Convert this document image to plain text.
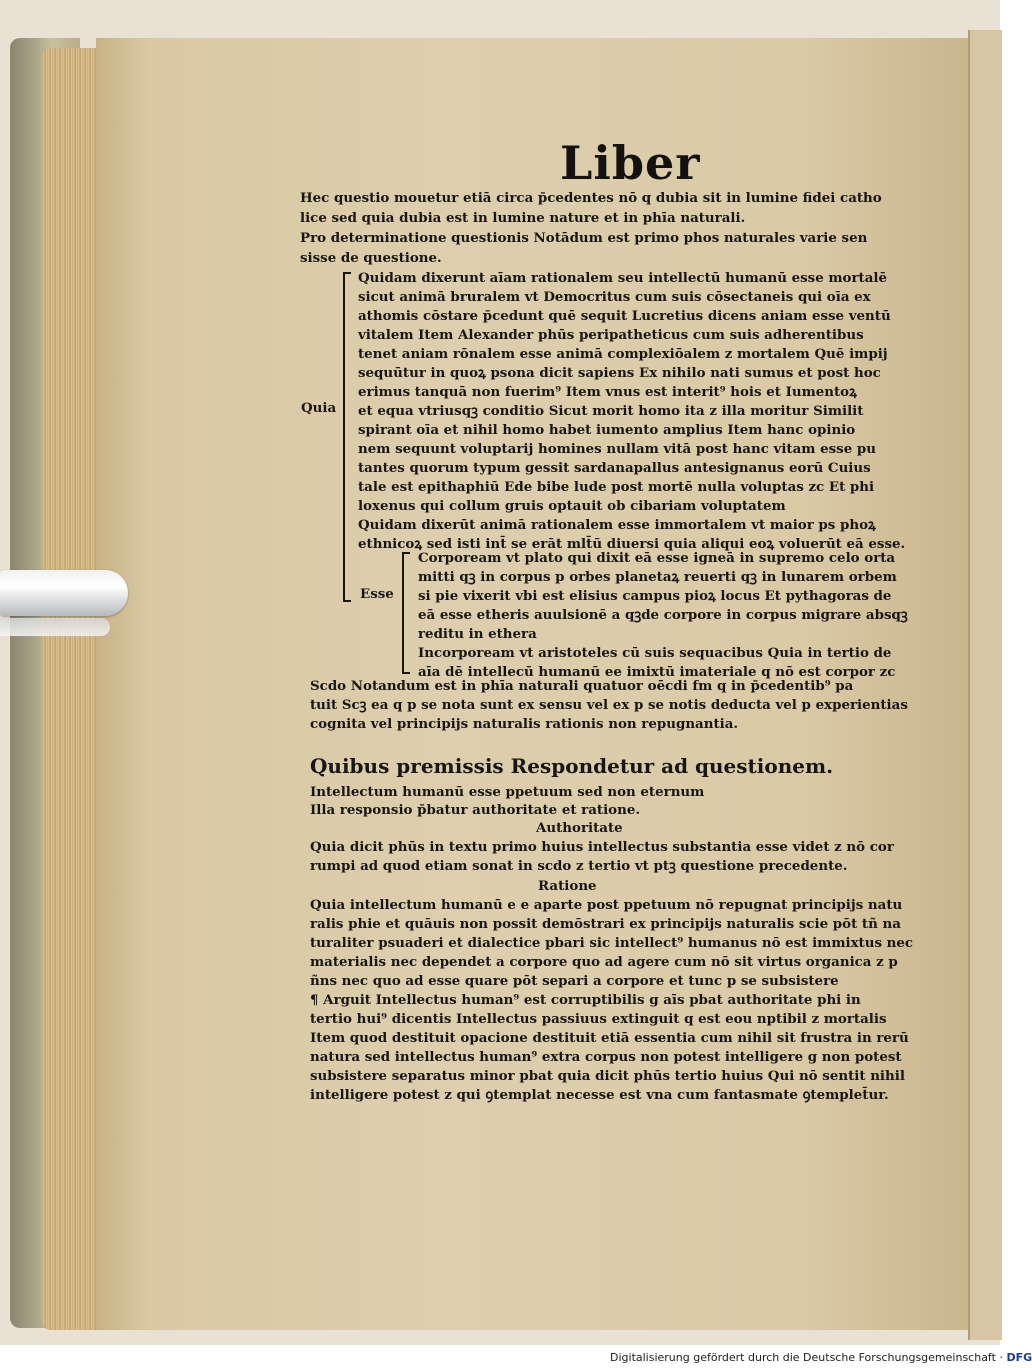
Liber
Hec questio mouetur etiā circa p̄cedentes nō q dubia sit in lumine fidei catho
lice sed quia dubia est in lumine nature et in phīa naturali.
Pro determinatione questionis Notādum est primo phos naturales varie sen
sisse de questione.
Quia
Esse
Quidam dixerunt aīam rationalem seu intellectū humanū esse mortalē
sicut animā bruralem vt Democritus cum suis cōsectaneis qui oīa ex
athomis cōstare p̄cedunt quē sequit Lucretius dicens aniam esse ventū
vitalem Item Alexander phūs peripatheticus cum suis adherentibus
tenet aniam rōnalem esse animā complexiōalem z mortalem Quē impij
sequūtur in quoꝝ psona dicit sapiens Ex nihilo nati sumus et post hoc
erimus tanquā non fuerim⁹ Item vnus est interit⁹ hois et Iumentoꝝ
et equa vtriusqꝫ conditio Sicut morit homo ita z illa moritur Similit
spirant oīa et nihil homo habet iumento amplius Item hanc opinio
nem sequunt voluptarij homines nullam vitā post hanc vitam esse pu
tantes quorum typum gessit sardanapallus antesignanus eorū Cuius
tale est epithaphiū Ede bibe lude post mortē nulla voluptas zc Et phi
loxenus qui collum gruis optauit ob cibariam voluptatem
Quidam dixerūt animā rationalem esse immortalem vt maior ps phoꝝ
ethnicoꝝ sed isti int̄ se erāt mlt̄ū diuersi quia aliqui eoꝝ voluerūt eā esse.
Corpoream vt plato qui dixit eā esse igneā in supremo celo orta
mitti qꝫ in corpus p orbes planetaꝝ reuerti qꝫ in lunarem orbem
si pie vixerit vbi est elisius campus pioꝝ locus Et pythagoras de
eā esse etheris auulsionē a qꝫde corpore in corpus migrare absqꝫ
reditu in ethera
Incorpoream vt aristoteles cū suis sequacibus Quia in tertio de
aīa dē intellecū humanū ee imixtū imateriale q nō est corpor zc
Scdo Notandum est in phīa naturali quatuor oēcdi fm q in p̄cedentib⁹ pa
tuit Scꝫ ea q p se nota sunt ex sensu vel ex p se notis deducta vel p experientias
cognita vel principijs naturalis rationis non repugnantia.
Quibus premissis Respondetur ad questionem.
Intellectum humanū esse ppetuum sed non eternum
Illa responsio p̄batur authoritate et ratione.
Authoritate
Quia dicit phūs in textu primo huius intellectus substantia esse videt z nō cor
rumpi ad quod etiam sonat in scdo z tertio vt ptꝫ questione precedente.
Ratione
Quia intellectum humanū e e aparte post ppetuum nō repugnat principijs natu
ralis phie et quāuis non possit demōstrari ex principijs naturalis scie pōt tñ na
turaliter psuaderi et dialectice pbari sic intellect⁹ humanus nō est immixtus nec
materialis nec dependet a corpore quo ad agere cum nō sit virtus organica z p
ñns nec quo ad esse quare pōt separi a corpore et tunc p se subsistere
¶ Arguit Intellectus human⁹ est corruptibilis g aīs pbat authoritate phi in
tertio hui⁹ dicentis Intellectus passiuus extinguit q est eou nptibil z mortalis
Item quod destituit opacione destituit etiā essentia cum nihil sit frustra in rerū
natura sed intellectus human⁹ extra corpus non potest intelligere g non potest
subsistere separatus minor pbat quia dicit phūs tertio huius Qui nō sentit nihil
intelligere potest z qui ꝯtemplat necesse est vna cum fantasmate ꝯtemplet̄ur.
Digitalisierung gefördert durch die Deutsche Forschungsgemeinschaft · DFG
